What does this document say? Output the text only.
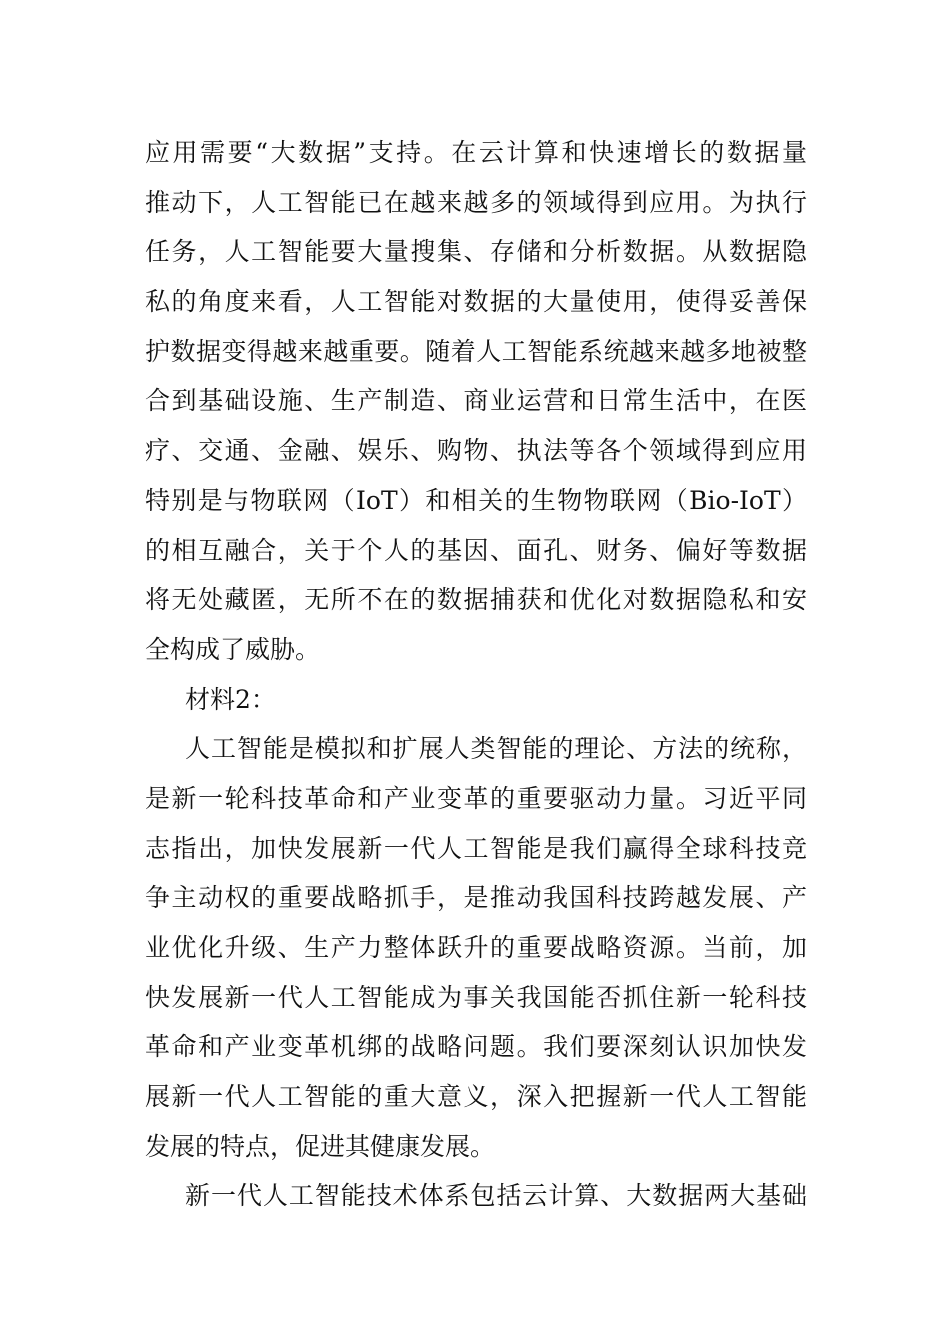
应用需要“大数据”支持。在云计算和快速增长的数据量
推动下，人工智能已在越来越多的领域得到应用。为执行
任务，人工智能要大量搜集、存储和分析数据。从数据隐
私的角度来看，人工智能对数据的大量使用，使得妥善保
护数据变得越来越重要。随着人工智能系统越来越多地被整
合到基础设施、生产制造、商业运营和日常生活中，在医
疗、交通、金融、娱乐、购物、执法等各个领域得到应用
特别是与物联网（IoT）和相关的生物物联网（Bio-IoT）
的相互融合，关于个人的基因、面孔、财务、偏好等数据
将无处藏匿，无所不在的数据捕获和优化对数据隐私和安
全构成了威胁。
材料2：
人工智能是模拟和扩展人类智能的理论、方法的统称，
是新一轮科技革命和产业变革的重要驱动力量。习近平同
志指出，加快发展新一代人工智能是我们赢得全球科技竞
争主动权的重要战略抓手，是推动我国科技跨越发展、产
业优化升级、生产力整体跃升的重要战略资源。当前，加
快发展新一代人工智能成为事关我国能否抓住新一轮科技
革命和产业变革机绑的战略问题。我们要深刻认识加快发
展新一代人工智能的重大意义，深入把握新一代人工智能
发展的特点，促进其健康发展。
新一代人工智能技术体系包括云计算、大数据两大基础
